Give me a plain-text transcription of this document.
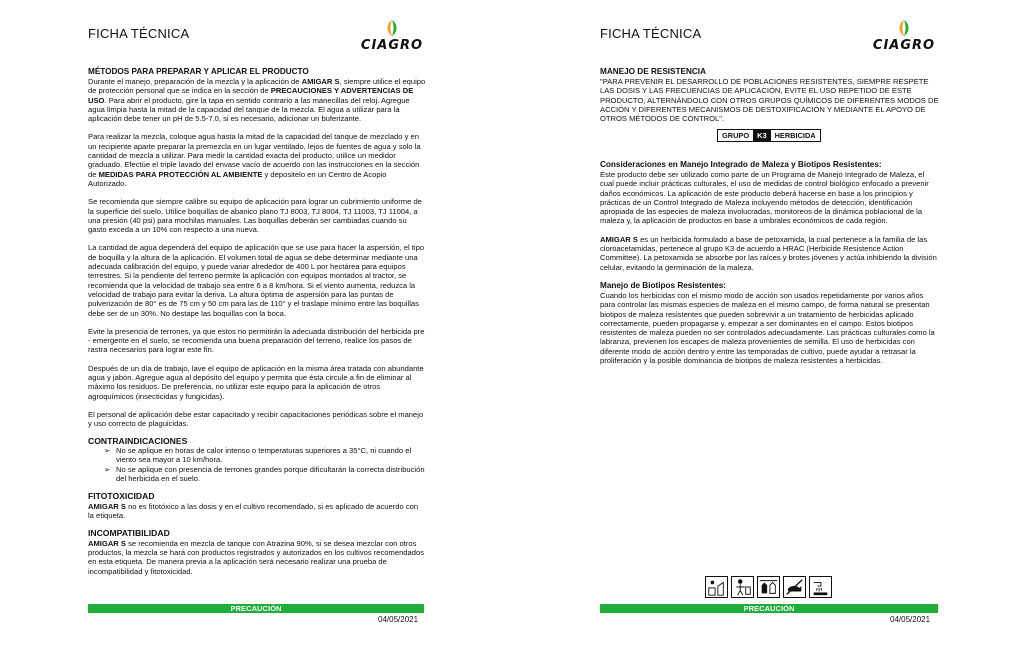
FICHA TÉCNICA
CIAGRO
MÉTODOS PARA PREPARAR Y APLICAR EL PRODUCTO

Durante el manejo, preparación de la mezcla y la aplicación de AMIGAR S, siempre utilice el equipo de protección personal que se indica en la sección de PRECAUCIONES Y ADVERTENCIAS DE USO. Para abrir el producto, gire la tapa en sentido contrario a las manecillas del reloj. Agregue agua limpia hasta la mitad de la capacidad del tanque de la mezcla. El agua a utilizar para la aplicación debe tener un pH de 5.5-7.0, si es necesario, adicionar un buferizante.

Para realizar la mezcla, coloque agua hasta la mitad de la capacidad del tanque de mezclado y en un recipiente aparte preparar la premezcla en un lugar ventilado, lejos de fuentes de agua y solo la cantidad de mezcla a utilizar. Para medir la cantidad exacta del producto, utilice un medidor graduado. Efectúe el triple lavado del envase vacío de acuerdo con las instrucciones en la sección de MEDIDAS PARA PROTECCIÓN AL AMBIENTE y depositelo en un Centro de Acopio Autorizado.

Se recomienda que siempre calibre su equipo de aplicación para lograr un cubrimiento uniforme de la superficie del suelo. Utilice boquillas de abanico plano TJ 8003, TJ 8004, TJ 11003, TJ 11004, a una presión (40 psi) para mochilas manuales. Las boquillas deberán ser cambiadas cuando su gasto exceda a un 10% con respecto a una nueva.

La cantidad de agua dependerá del equipo de aplicación que se use para hacer la aspersión, el tipo de boquilla y la altura de la aplicación. El volumen total de agua se debe determinar mediante una adecuada calibración del equipo, y puede variar alrededor de 400 L por hectárea para equipos terrestres. Si la pendiente del terreno permite la aplicación con equipos montados al tractor, se recomienda que la velocidad de trabajo sea entre 6 a 8 km/hora. Si el viento aumenta, reduzca la velocidad de trabajo para evitar la deriva. La altura óptima de aspersión para las puntas de pulverización de 80° es de 75 cm y 50 cm para las de 110° y el traslape mínimo entre las boquillas debe ser de un 30%. No destape las boquillas con la boca.

Evite la presencia de terrones, ya que estos no permitirán la adecuada distribución del herbicida pre - emergente en el suelo, se recomienda una buena preparación del terreno, realice los pasos de rastra necesarios para lograr este fin.

Después de un día de trabajo, lave el equipo de aplicación en la misma área tratada con abundante agua y jabón. Agregue agua al depósito del equipo y permita que ésta circule a fin de eliminar al máximo los residuos. De preferencia, no utilizar este equipo para la aplicación de otros agroquímicos (insecticidas y fungicidas).

El personal de aplicación debe estar capacitado y recibir capacitaciones periódicas sobre el manejo y uso correcto de plaguicidas.

CONTRAINDICACIONES
➢ No se aplique en horas de calor intenso o temperaturas superiores a 35°C, ni cuando el viento sea mayor a 10 km/hora.
➢ No se aplique con presencia de terrones grandes porque dificultarán la correcta distribución del herbicida en el suelo.
FITOTOXICIDAD

AMIGAR S no es fitotóxico a las dosis y en el cultivo recomendado, si es aplicado de acuerdo con la etiqueta.

INCOMPATIBILIDAD

AMIGAR S se recomienda en mezcla de tanque con Atrazina 90%, si se desea mezclar con otros productos, la mezcla se hará con productos registrados y autorizados en los cultivos recomendados en esta etiqueta. De manera previa a la aplicación será necesario realizar una prueba de incompatibilidad y fitotoxicidad.

PRECAUCIÓN
04/05/2021
FICHA TÉCNICA
CIAGRO
MANEJO DE RESISTENCIA

"PARA PREVENIR EL DESARROLLO DE POBLACIONES RESISTENTES, SIEMPRE RESPETE LAS DOSIS Y LAS FRECUENCIAS DE APLICACIÓN, EVITE EL USO REPETIDO DE ESTE PRODUCTO, ALTERNÁNDOLO CON OTROS GRUPOS QUÍMICOS DE DIFERENTES MODOS DE ACCIÓN Y DIFERENTES MECANISMOS DE DESTOXIFICACIÓN Y MEDIANTE EL APOYO DE OTROS MÉTODOS DE CONTROL".

GRUPO	K3	HERBICIDA
Consideraciones en Manejo Integrado de Maleza y Biotipos Resistentes:

Este producto debe ser utilizado como parte de un Programa de Manejo Integrado de Maleza, el cual puede incluir prácticas culturales, el uso de medidas de control biológico enfocado a prevenir daños económicos. La aplicación de este producto deberá hacerse en base a los principios y prácticas de un Control Integrado de Maleza incluyendo métodos de detección, identificación apropiada de las especies de maleza involucradas, monitoreos de la dinámica poblacional de la maleza y, la aplicación de productos en base a umbrales económicos de cada región.

AMIGAR S es un herbicida formulado a base de petoxamida, la cual pertenece a la familia de las cloroacetamidas, pertenece al grupo K3 de acuerdo a HRAC (Herbicide Resistence Action Committee). La petoxamida se absorbe por las raíces y brotes jóvenes y actúa inhibiendo la división celular, evitando la germinación de la maleza.

Manejo de Biotipos Resistentes:

Cuando los herbicidas con el mismo modo de acción son usados repetidamente por varios años para controlar las mismas especies de maleza en el mismo campo, de forma natural se presentan biotipos de maleza resistentes que pueden sobrevivir a un tratamiento de herbicidas aplicado correctamente, pueden propagarse y, empezar a ser dominantes en el campo. Estos biotipos resistentes de maleza pueden no ser controlados adecuadamente. Las prácticas culturales como la labranza, previenen los escapes de maleza provenientes de semilla. El uso de herbicidas con diferente modo de acción dentro y entre las temporadas de cultivo, puede ayudar a retrasar la proliferación y la posible dominancia de biotipos de maleza resistentes a herbicidas.

PRECAUCIÓN
04/05/2021
